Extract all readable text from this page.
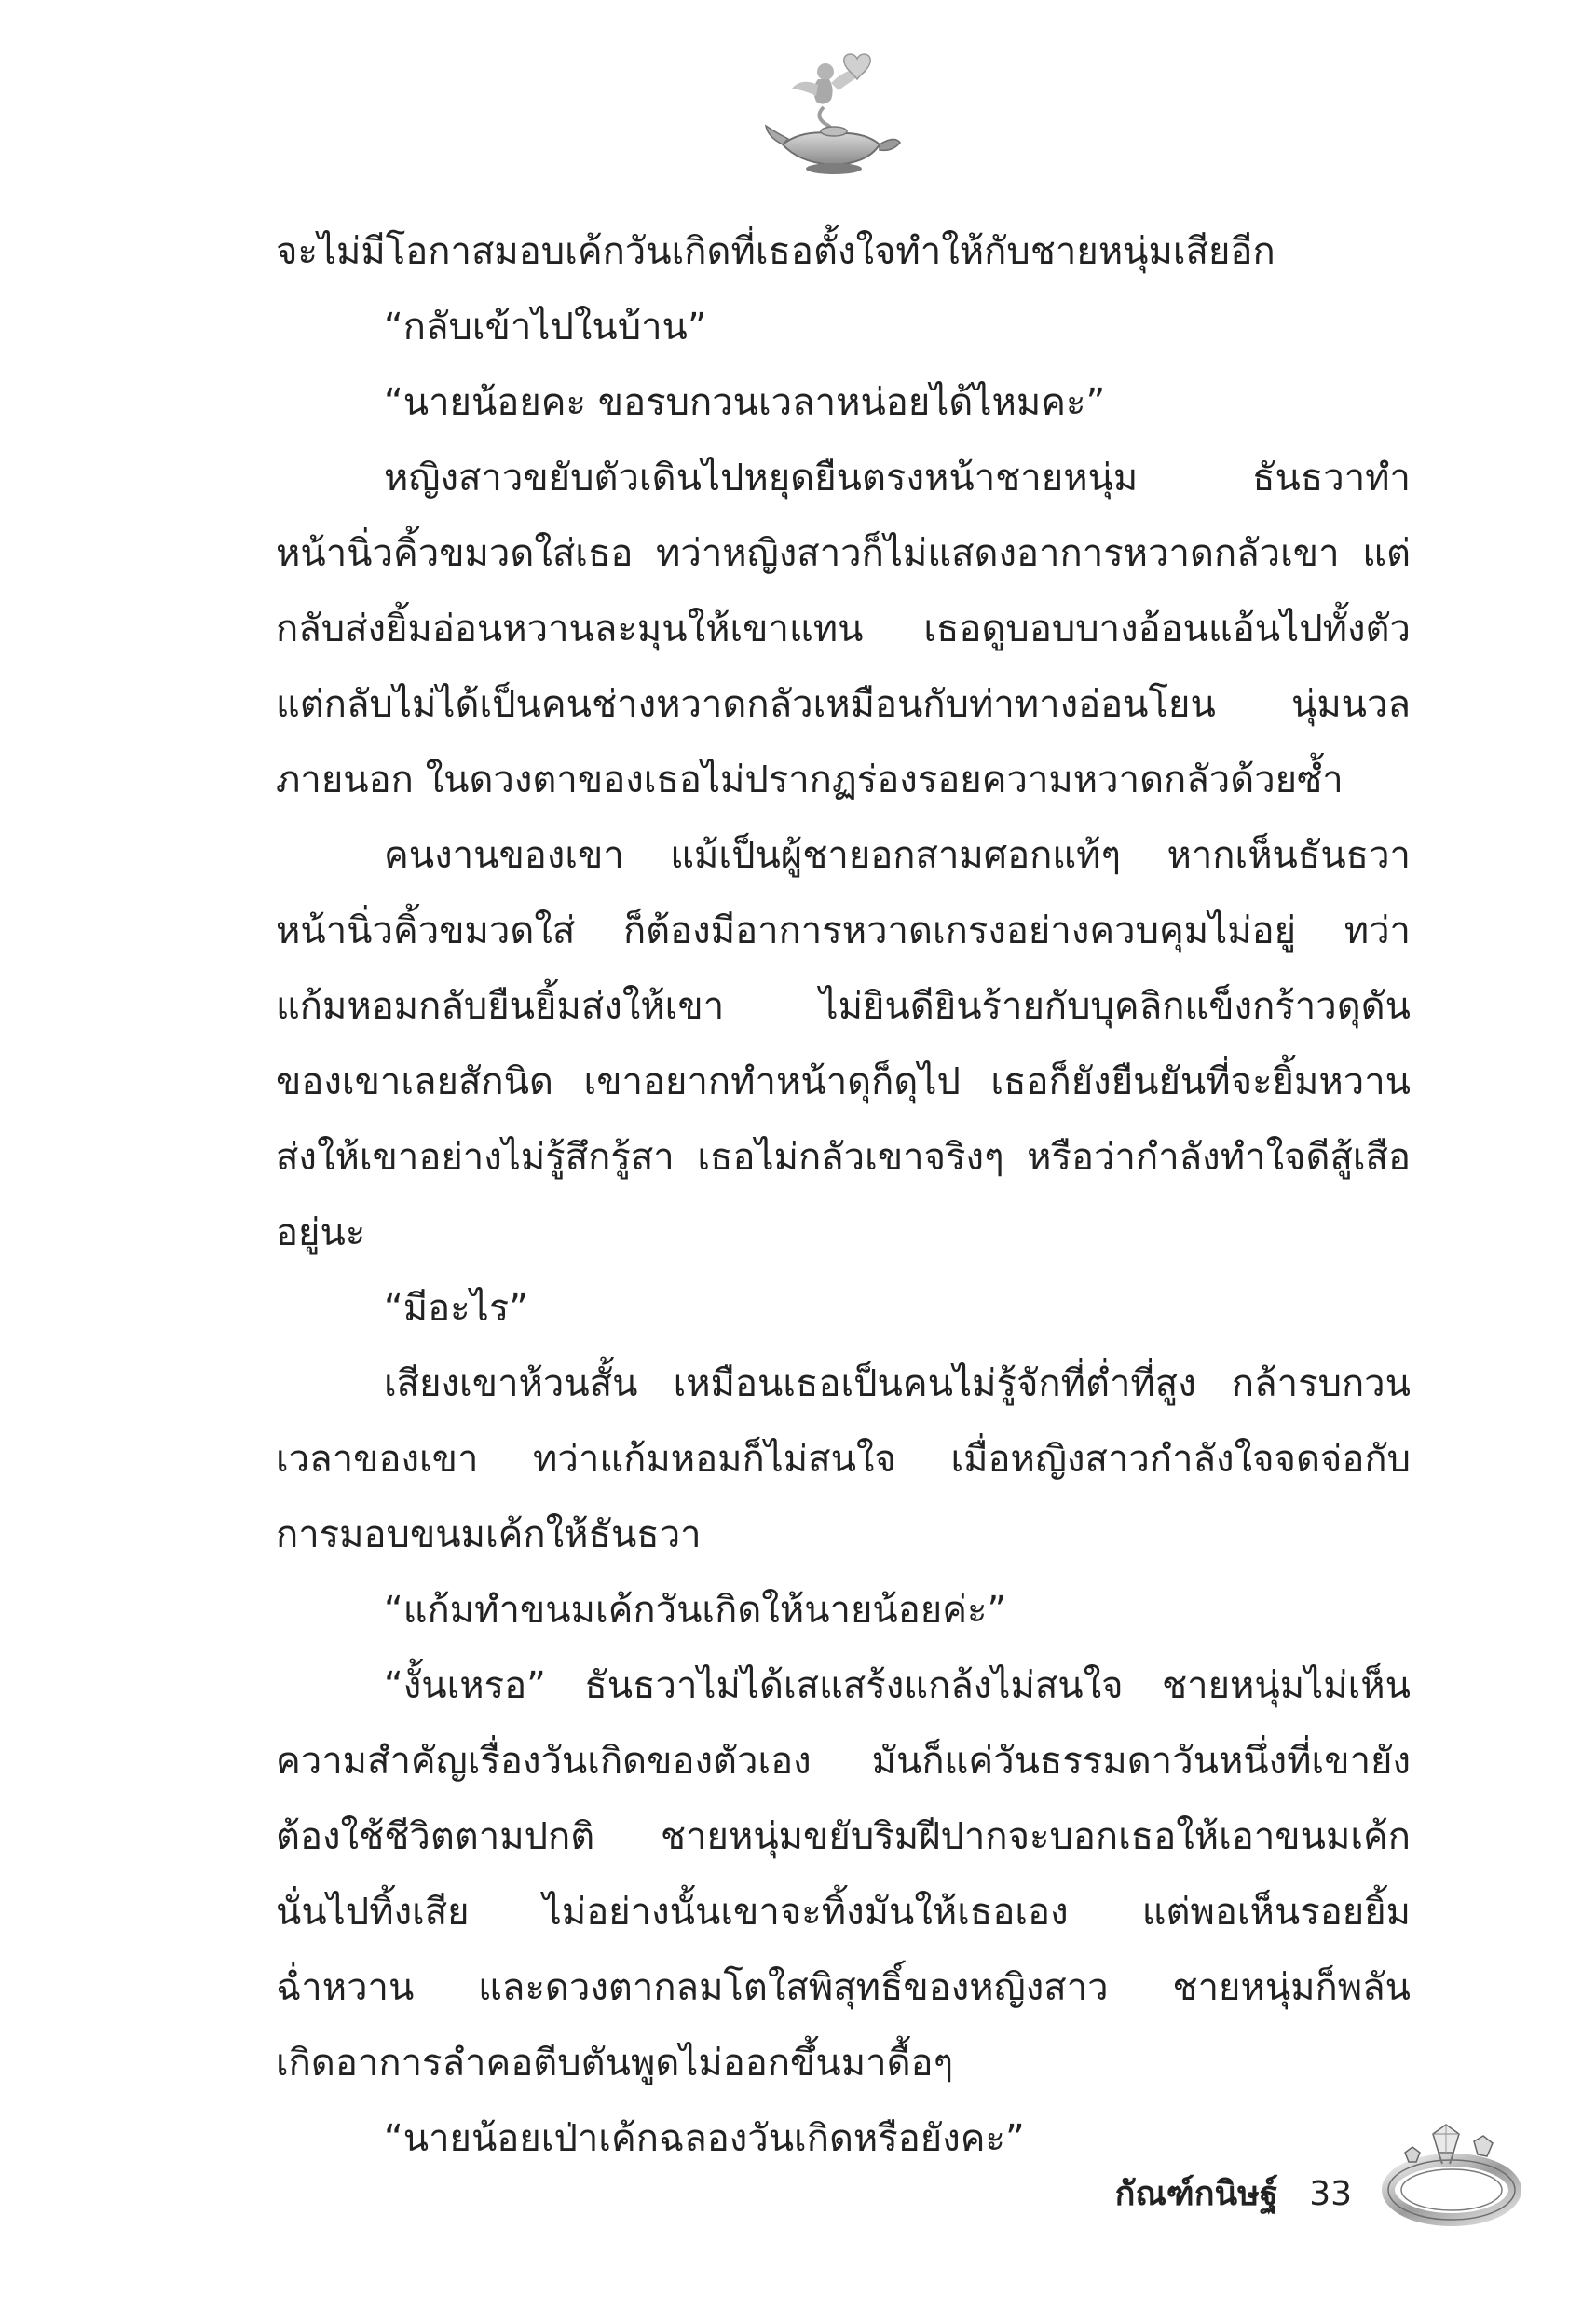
จะไม่มีโอกาสมอบเค้กวันเกิดที่เธอตั้งใจทำให้กับชายหนุ่มเสียอีก
“กลับเข้าไปในบ้าน”
“นายน้อยคะ ขอรบกวนเวลาหน่อยได้ไหมคะ”
หญิงสาวขยับตัวเดินไปหยุดยืนตรงหน้าชายหนุ่ม ธันธวาทำ
หน้านิ่วคิ้วขมวดใส่เธอ ทว่าหญิงสาวก็ไม่แสดงอาการหวาดกลัวเขา แต่
กลับส่งยิ้มอ่อนหวานละมุนให้เขาแทน เธอดูบอบบางอ้อนแอ้นไปทั้งตัว
แต่กลับไม่ได้เป็นคนช่างหวาดกลัวเหมือนกับท่าทางอ่อนโยน นุ่มนวล
ภายนอก ในดวงตาของเธอไม่ปรากฏร่องรอยความหวาดกลัวด้วยซ้ำ
คนงานของเขา แม้เป็นผู้ชายอกสามศอกแท้ๆ หากเห็นธันธวา
หน้านิ่วคิ้วขมวดใส่ ก็ต้องมีอาการหวาดเกรงอย่างควบคุมไม่อยู่ ทว่า
แก้มหอมกลับยืนยิ้มส่งให้เขา ไม่ยินดียินร้ายกับบุคลิกแข็งกร้าวดุดัน
ของเขาเลยสักนิด เขาอยากทำหน้าดุก็ดุไป เธอก็ยังยืนยันที่จะยิ้มหวาน
ส่งให้เขาอย่างไม่รู้สึกรู้สา เธอไม่กลัวเขาจริงๆ หรือว่ากำลังทำใจดีสู้เสือ
อยู่นะ
“มีอะไร”
เสียงเขาห้วนสั้น เหมือนเธอเป็นคนไม่รู้จักที่ต่ำที่สูง กล้ารบกวน
เวลาของเขา ทว่าแก้มหอมก็ไม่สนใจ เมื่อหญิงสาวกำลังใจจดจ่อกับ
การมอบขนมเค้กให้ธันธวา
“แก้มทำขนมเค้กวันเกิดให้นายน้อยค่ะ”
“งั้นเหรอ” ธันธวาไม่ได้เสแสร้งแกล้งไม่สนใจ ชายหนุ่มไม่เห็น
ความสำคัญเรื่องวันเกิดของตัวเอง มันก็แค่วันธรรมดาวันหนึ่งที่เขายัง
ต้องใช้ชีวิตตามปกติ ชายหนุ่มขยับริมฝีปากจะบอกเธอให้เอาขนมเค้ก
นั่นไปทิ้งเสีย ไม่อย่างนั้นเขาจะทิ้งมันให้เธอเอง แต่พอเห็นรอยยิ้ม
ฉ่ำหวาน และดวงตากลมโตใสพิสุทธิ์ของหญิงสาว ชายหนุ่มก็พลัน
เกิดอาการลำคอตีบตันพูดไม่ออกขึ้นมาดื้อๆ
“นายน้อยเป่าเค้กฉลองวันเกิดหรือยังคะ”
กัณฑ์กนิษฐ์ 33
